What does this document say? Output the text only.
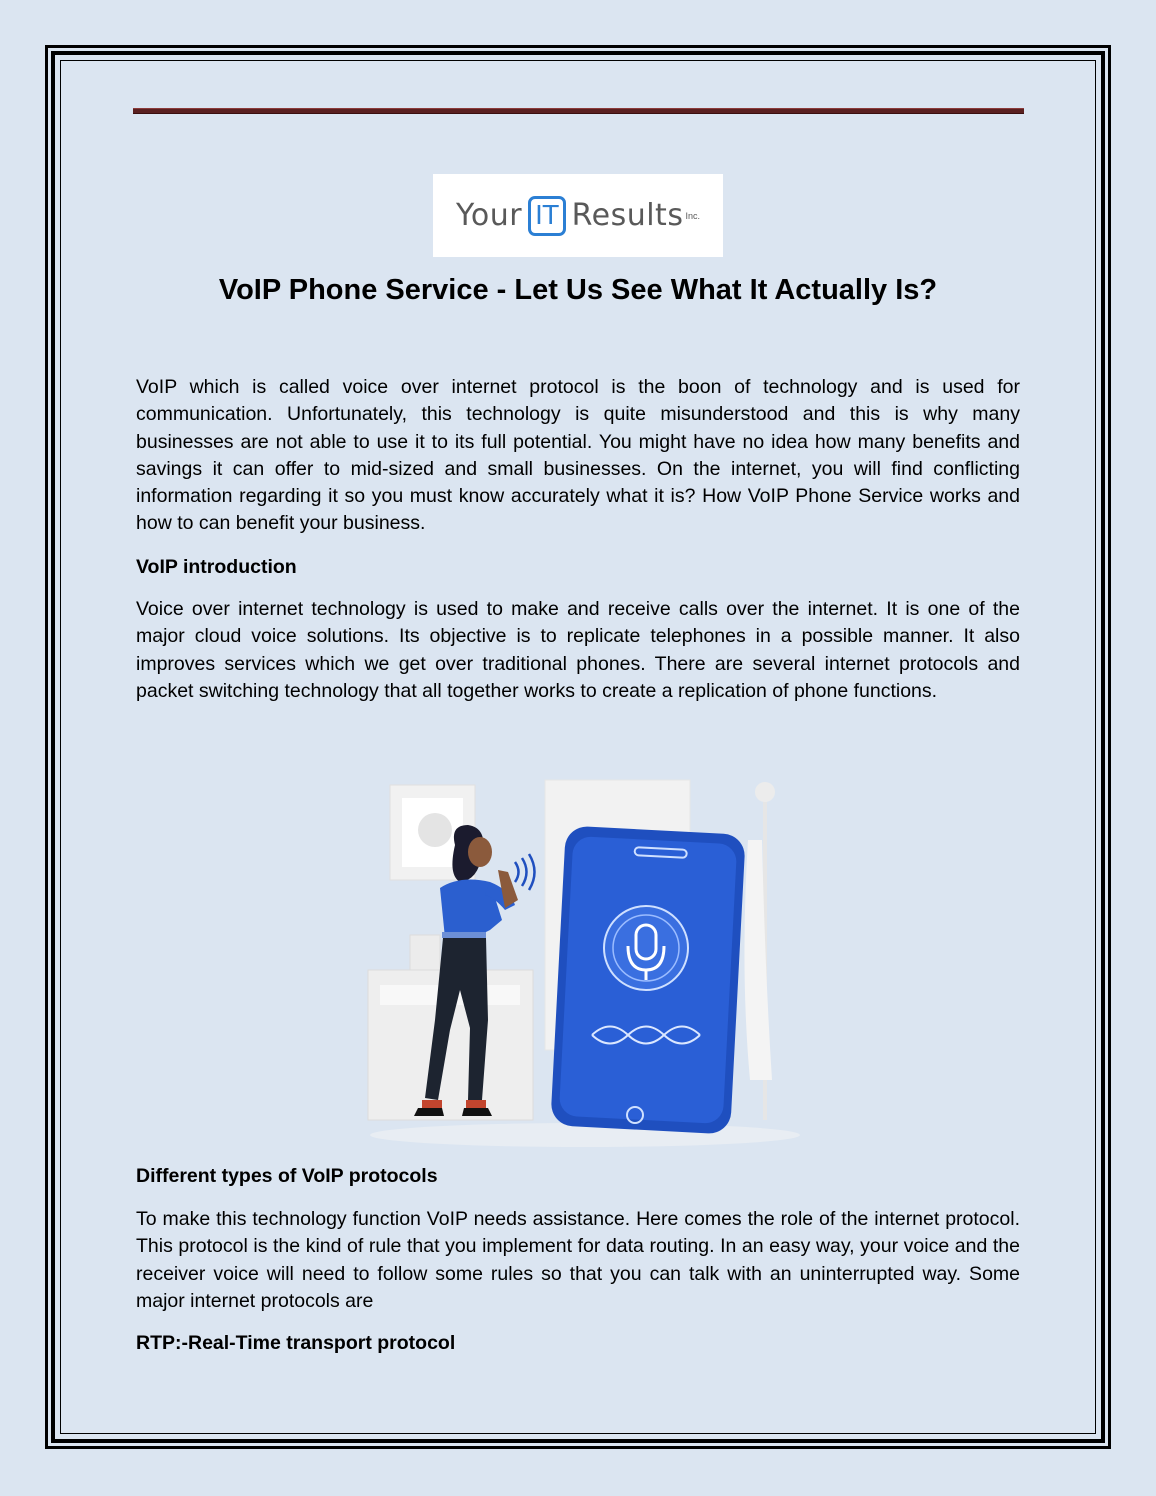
Your IT Results Inc.
VoIP Phone Service - Let Us See What It Actually Is?

VoIP which is called voice over internet protocol is the boon of technology and is used for communication. Unfortunately, this technology is quite misunderstood and this is why many businesses are not able to use it to its full potential. You might have no idea how many benefits and savings it can offer to mid-sized and small businesses. On the internet, you will find conflicting information regarding it so you must know accurately what it is? How VoIP Phone Service works and how to can benefit your business.

VoIP introduction

Voice over internet technology is used to make and receive calls over the internet. It is one of the major cloud voice solutions. Its objective is to replicate telephones in a possible manner. It also improves services which we get over traditional phones. There are several internet protocols and packet switching technology that all together works to create a replication of phone functions.

Different types of VoIP protocols

To make this technology function VoIP needs assistance. Here comes the role of the internet protocol. This protocol is the kind of rule that you implement for data routing. In an easy way, your voice and the receiver voice will need to follow some rules so that you can talk with an uninterrupted way. Some major internet protocols are

RTP:-Real-Time transport protocol
